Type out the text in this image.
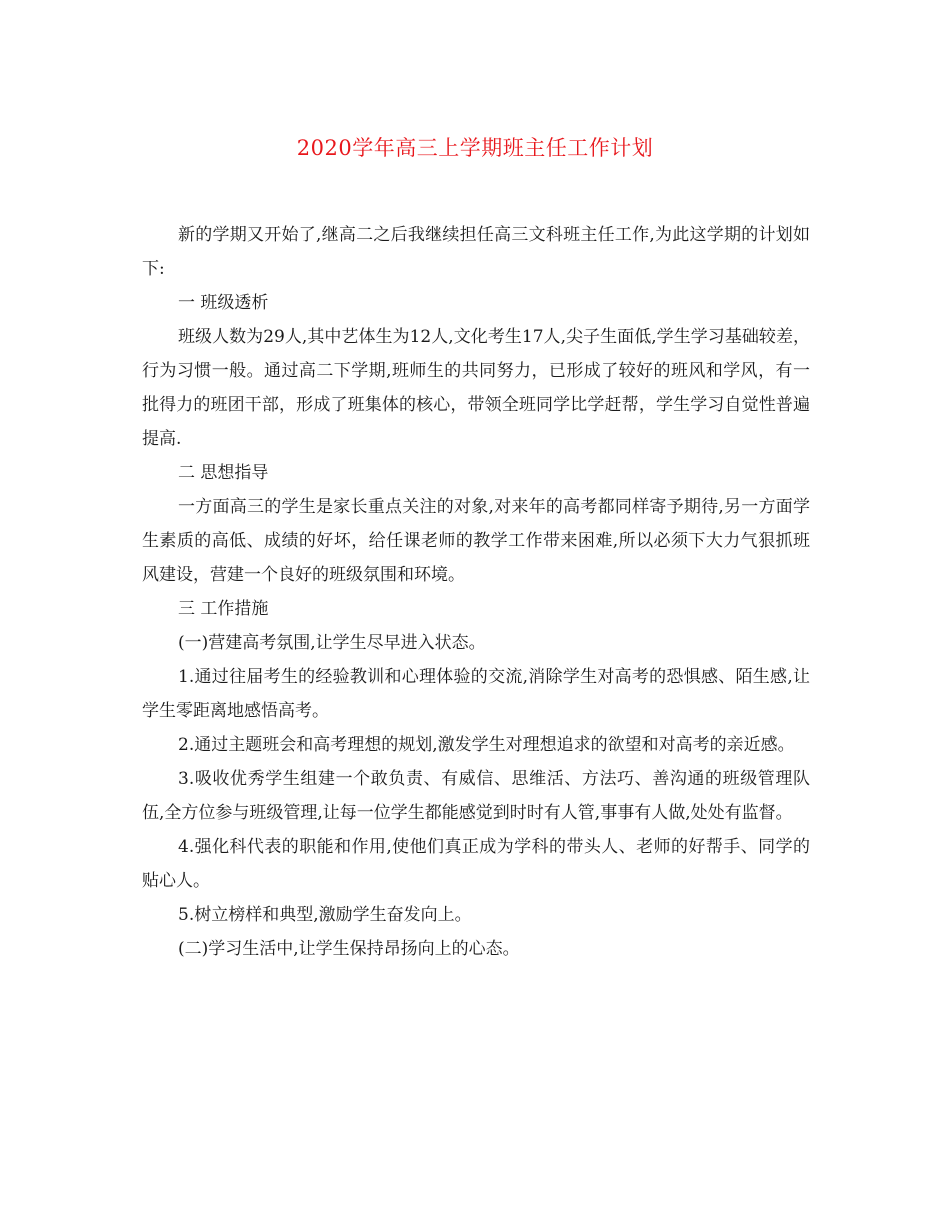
2020学年高三上学期班主任工作计划

新的学期又开始了,继高二之后我继续担任高三文科班主任工作,为此这学期的计划如下:

一 班级透析

班级人数为29人,其中艺体生为12人,文化考生17人,尖子生面低,学生学习基础较差，行为习惯一般。通过高二下学期,班师生的共同努力，已形成了较好的班风和学风，有一批得力的班团干部，形成了班集体的核心，带领全班同学比学赶帮，学生学习自觉性普遍提高.

二 思想指导

一方面高三的学生是家长重点关注的对象,对来年的高考都同样寄予期待,另一方面学生素质的高低、成绩的好坏，给任课老师的教学工作带来困难,所以必须下大力气狠抓班风建设，营建一个良好的班级氛围和环境。

三 工作措施

(一)营建高考氛围,让学生尽早进入状态。

1.通过往届考生的经验教训和心理体验的交流,消除学生对高考的恐惧感、陌生感,让学生零距离地感悟高考。

2.通过主题班会和高考理想的规划,激发学生对理想追求的欲望和对高考的亲近感。

3.吸收优秀学生组建一个敢负责、有威信、思维活、方法巧、善沟通的班级管理队伍,全方位参与班级管理,让每一位学生都能感觉到时时有人管,事事有人做,处处有监督。

4.强化科代表的职能和作用,使他们真正成为学科的带头人、老师的好帮手、同学的贴心人。

5.树立榜样和典型,激励学生奋发向上。

(二)学习生活中,让学生保持昂扬向上的心态。
